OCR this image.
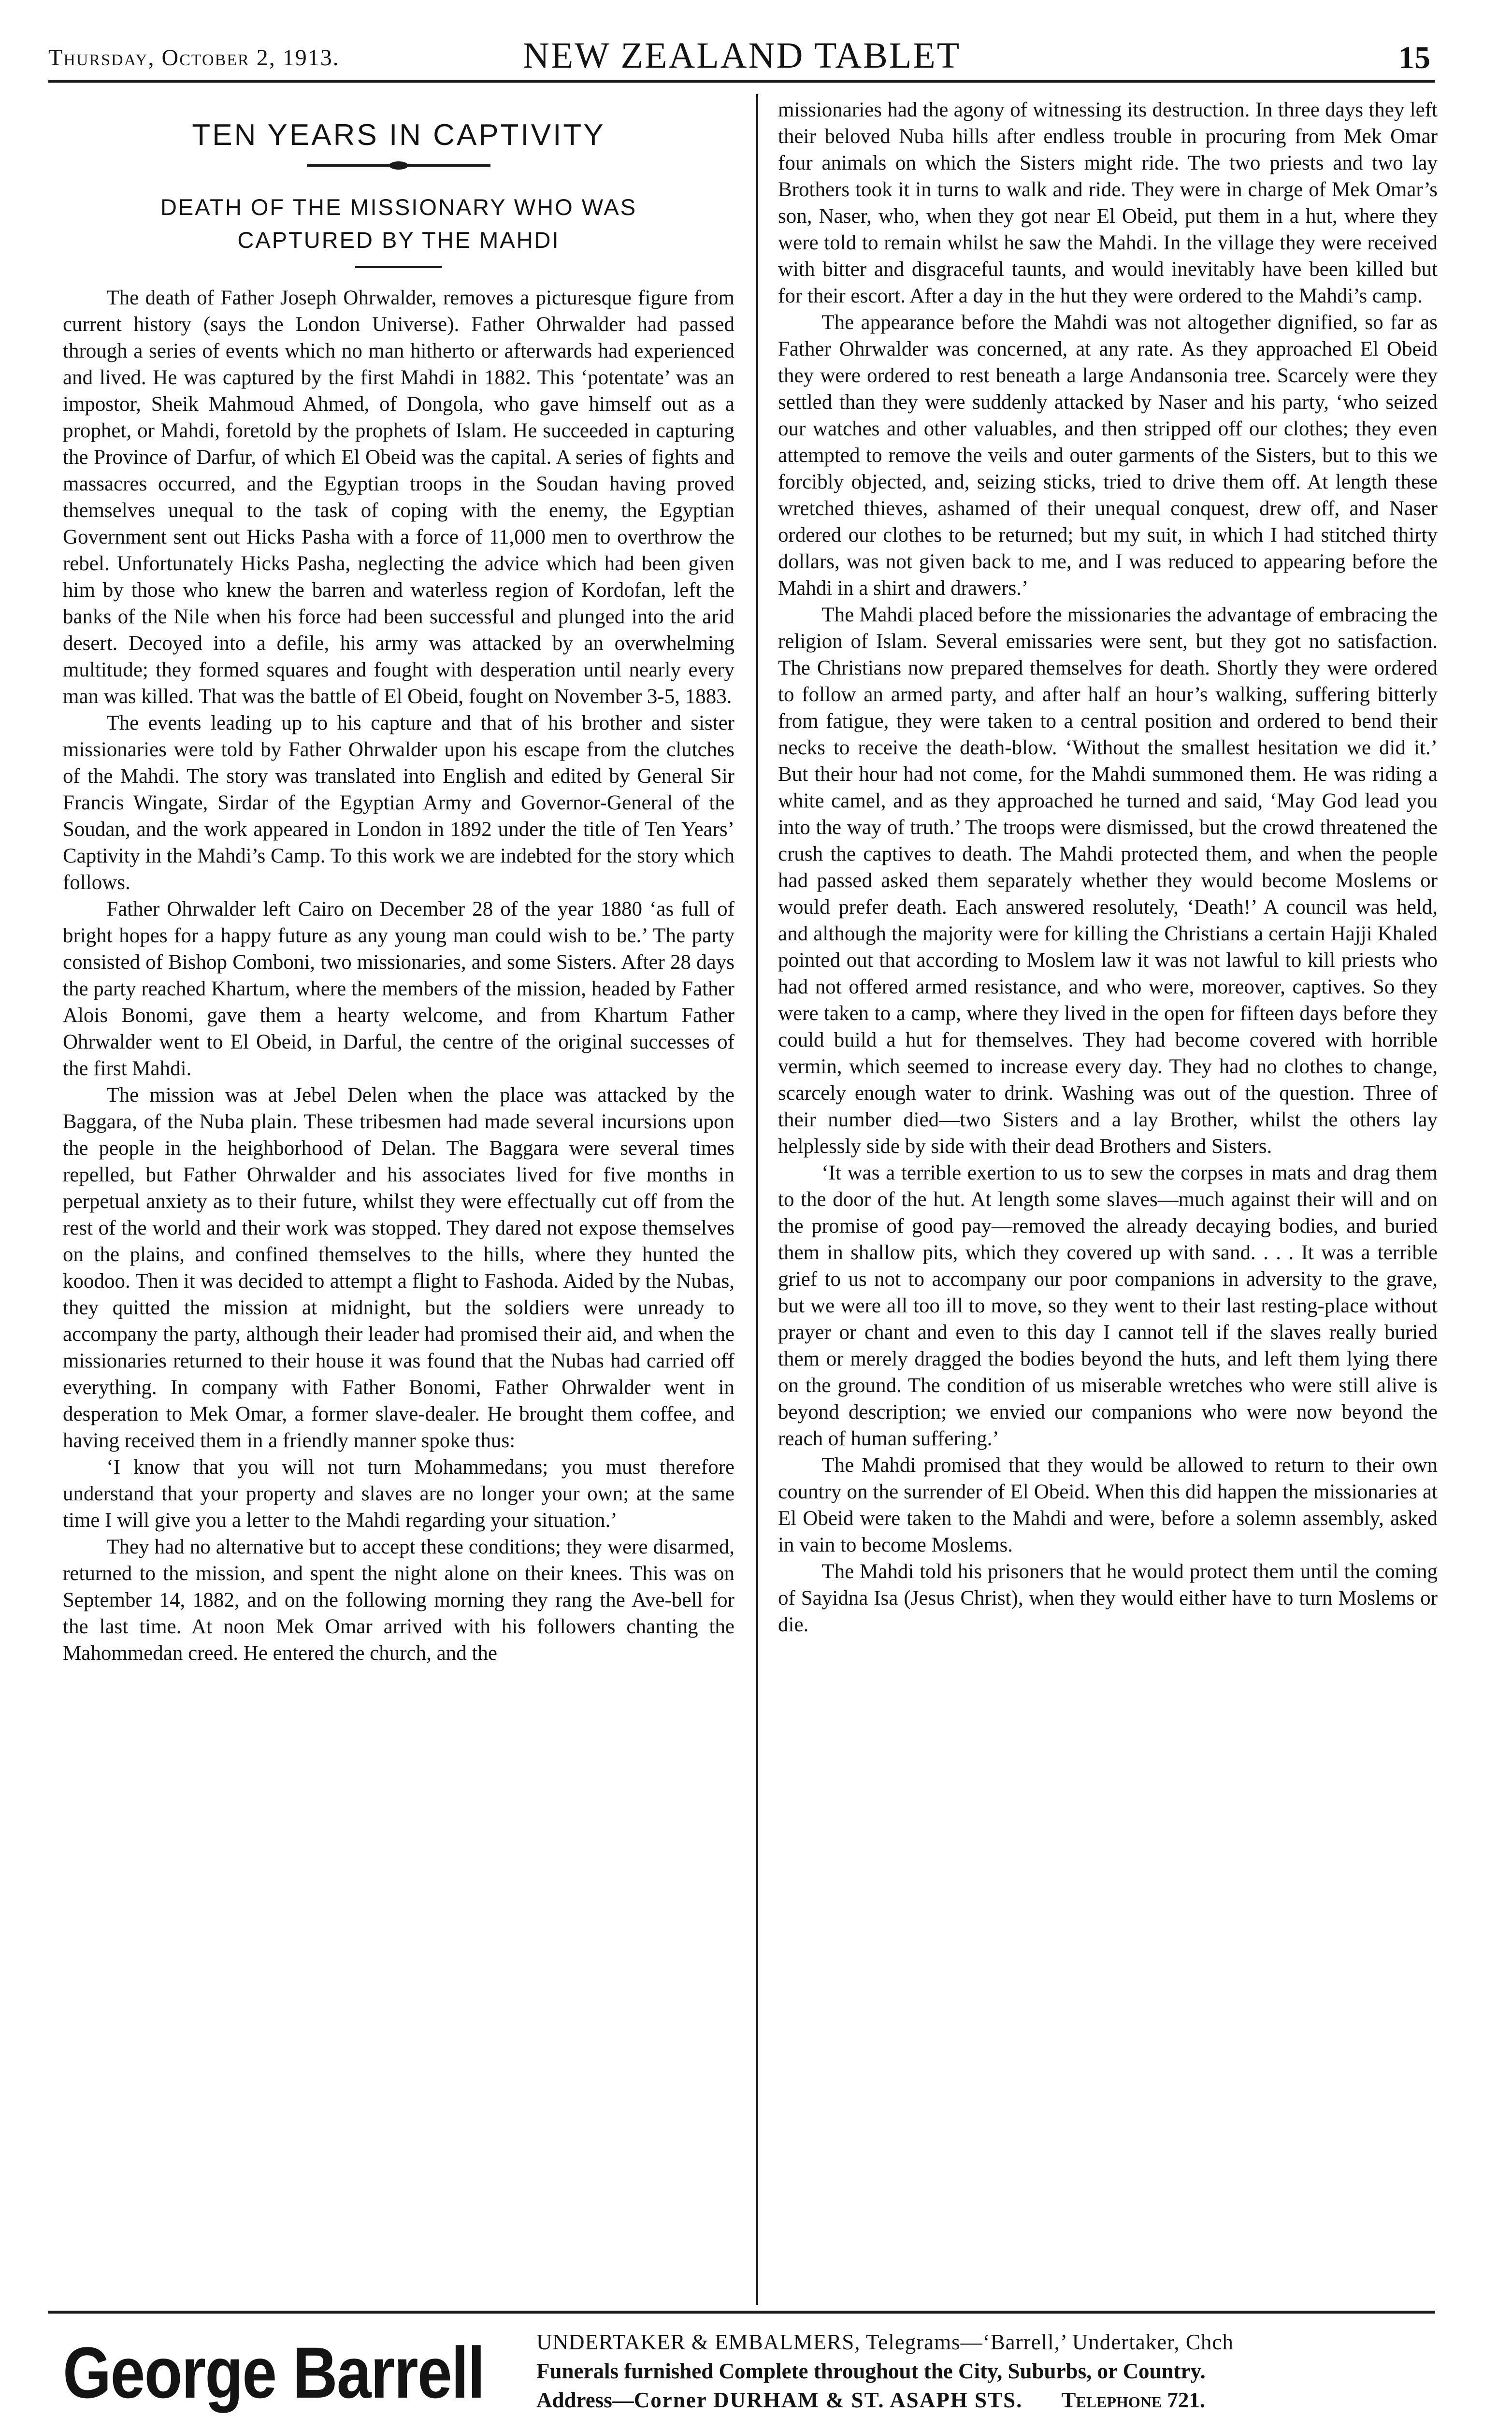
Thursday, October 2, 1913.	NEW ZEALAND TABLET	15
TEN YEARS IN CAPTIVITY
DEATH OF THE MISSIONARY WHO WAS CAPTURED BY THE MAHDI

The death of Father Joseph Ohrwalder, removes a picturesque figure from current history (says the London Universe). Father Ohrwalder had passed through a series of events which no man hitherto or afterwards had experienced and lived. He was captured by the first Mahdi in 1882. This ‘potentate’ was an impostor, Sheik Mahmoud Ahmed, of Dongola, who gave himself out as a prophet, or Mahdi, foretold by the prophets of Islam. He succeeded in capturing the Province of Darfur, of which El Obeid was the capital. A series of fights and massacres occurred, and the Egyptian troops in the Soudan having proved themselves unequal to the task of coping with the enemy, the Egyptian Government sent out Hicks Pasha with a force of 11,000 men to overthrow the rebel. Unfortunately Hicks Pasha, neglecting the advice which had been given him by those who knew the barren and waterless region of Kordofan, left the banks of the Nile when his force had been successful and plunged into the arid desert. Decoyed into a defile, his army was attacked by an overwhelming multitude; they formed squares and fought with desperation until nearly every man was killed. That was the battle of El Obeid, fought on November 3-5, 1883.

The events leading up to his capture and that of his brother and sister missionaries were told by Father Ohrwalder upon his escape from the clutches of the Mahdi. The story was translated into English and edited by General Sir Francis Wingate, Sirdar of the Egyptian Army and Governor-General of the Soudan, and the work appeared in London in 1892 under the title of Ten Years’ Captivity in the Mahdi’s Camp. To this work we are indebted for the story which follows.

Father Ohrwalder left Cairo on December 28 of the year 1880 ‘as full of bright hopes for a happy future as any young man could wish to be.’ The party consisted of Bishop Comboni, two missionaries, and some Sisters. After 28 days the party reached Khartum, where the members of the mission, headed by Father Alois Bonomi, gave them a hearty welcome, and from Khartum Father Ohrwalder went to El Obeid, in Darful, the centre of the original successes of the first Mahdi.

The mission was at Jebel Delen when the place was attacked by the Baggara, of the Nuba plain. These tribesmen had made several incursions upon the people in the heighborhood of Delan. The Baggara were several times repelled, but Father Ohrwalder and his associates lived for five months in perpetual anxiety as to their future, whilst they were effectually cut off from the rest of the world and their work was stopped. They dared not expose themselves on the plains, and confined themselves to the hills, where they hunted the koodoo. Then it was decided to attempt a flight to Fashoda. Aided by the Nubas, they quitted the mission at midnight, but the soldiers were unready to accompany the party, although their leader had promised their aid, and when the missionaries returned to their house it was found that the Nubas had carried off everything. In company with Father Bonomi, Father Ohrwalder went in desperation to Mek Omar, a former slave-dealer. He brought them coffee, and having received them in a friendly manner spoke thus:

‘I know that you will not turn Mohammedans; you must therefore understand that your property and slaves are no longer your own; at the same time I will give you a letter to the Mahdi regarding your situation.’

They had no alternative but to accept these conditions; they were disarmed, returned to the mission, and spent the night alone on their knees. This was on September 14, 1882, and on the following morning they rang the Ave-bell for the last time. At noon Mek Omar arrived with his followers chanting the Mahommedan creed. He entered the church, and the

missionaries had the agony of witnessing its destruction. In three days they left their beloved Nuba hills after endless trouble in procuring from Mek Omar four animals on which the Sisters might ride. The two priests and two lay Brothers took it in turns to walk and ride. They were in charge of Mek Omar’s son, Naser, who, when they got near El Obeid, put them in a hut, where they were told to remain whilst he saw the Mahdi. In the village they were received with bitter and disgraceful taunts, and would inevitably have been killed but for their escort. After a day in the hut they were ordered to the Mahdi’s camp.

The appearance before the Mahdi was not altogether dignified, so far as Father Ohrwalder was concerned, at any rate. As they approached El Obeid they were ordered to rest beneath a large Andansonia tree. Scarcely were they settled than they were suddenly attacked by Naser and his party, ‘who seized our watches and other valuables, and then stripped off our clothes; they even attempted to remove the veils and outer garments of the Sisters, but to this we forcibly objected, and, seizing sticks, tried to drive them off. At length these wretched thieves, ashamed of their unequal conquest, drew off, and Naser ordered our clothes to be returned; but my suit, in which I had stitched thirty dollars, was not given back to me, and I was reduced to appearing before the Mahdi in a shirt and drawers.’

The Mahdi placed before the missionaries the advantage of embracing the religion of Islam. Several emissaries were sent, but they got no satisfaction. The Christians now prepared themselves for death. Shortly they were ordered to follow an armed party, and after half an hour’s walking, suffering bitterly from fatigue, they were taken to a central position and ordered to bend their necks to receive the death-blow. ‘Without the smallest hesitation we did it.’ But their hour had not come, for the Mahdi summoned them. He was riding a white camel, and as they approached he turned and said, ‘May God lead you into the way of truth.’ The troops were dismissed, but the crowd threatened the crush the captives to death. The Mahdi protected them, and when the people had passed asked them separately whether they would become Moslems or would prefer death. Each answered resolutely, ‘Death!’ A council was held, and although the majority were for killing the Christians a certain Hajji Khaled pointed out that according to Moslem law it was not lawful to kill priests who had not offered armed resistance, and who were, moreover, captives. So they were taken to a camp, where they lived in the open for fifteen days before they could build a hut for themselves. They had become covered with horrible vermin, which seemed to increase every day. They had no clothes to change, scarcely enough water to drink. Washing was out of the question. Three of their number died—two Sisters and a lay Brother, whilst the others lay helplessly side by side with their dead Brothers and Sisters.

‘It was a terrible exertion to us to sew the corpses in mats and drag them to the door of the hut. At length some slaves—much against their will and on the promise of good pay—removed the already decaying bodies, and buried them in shallow pits, which they covered up with sand. . . . It was a terrible grief to us not to accompany our poor companions in adversity to the grave, but we were all too ill to move, so they went to their last resting-place without prayer or chant and even to this day I cannot tell if the slaves really buried them or merely dragged the bodies beyond the huts, and left them lying there on the ground. The condition of us miserable wretches who were still alive is beyond description; we envied our companions who were now beyond the reach of human suffering.’

The Mahdi promised that they would be allowed to return to their own country on the surrender of El Obeid. When this did happen the missionaries at El Obeid were taken to the Mahdi and were, before a solemn assembly, asked in vain to become Moslems.

The Mahdi told his prisoners that he would protect them until the coming of Sayidna Isa (Jesus Christ), when they would either have to turn Moslems or die.

George Barrell UNDERTAKER & EMBALMERS, Telegrams—‘Barrell,’ Undertaker, Chch
Funerals furnished Complete throughout the City, Suburbs, or Country.
Address—Corner DURHAM & ST. ASAPH STS. Telephone 721.
